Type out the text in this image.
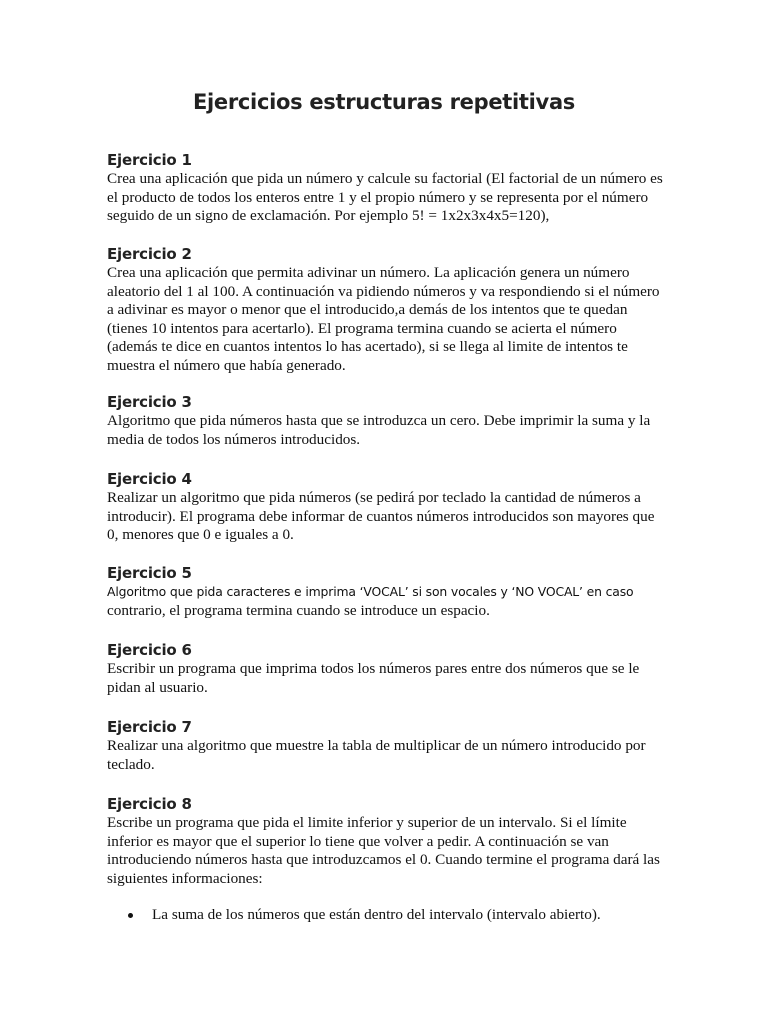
Ejercicios estructuras repetitivas
Ejercicio 1

Crea una aplicación que pida un número y calcule su factorial (El factorial de un número es
el producto de todos los enteros entre 1 y el propio número y se representa por el número
seguido de un signo de exclamación. Por ejemplo 5! = 1x2x3x4x5=120),

Ejercicio 2

Crea una aplicación que permita adivinar un número. La aplicación genera un número
aleatorio del 1 al 100. A continuación va pidiendo números y va respondiendo si el número
a adivinar es mayor o menor que el introducido,a demás de los intentos que te quedan
(tienes 10 intentos para acertarlo). El programa termina cuando se acierta el número
(además te dice en cuantos intentos lo has acertado), si se llega al limite de intentos te
muestra el número que había generado.

Ejercicio 3

Algoritmo que pida números hasta que se introduzca un cero. Debe imprimir la suma y la
media de todos los números introducidos.

Ejercicio 4

Realizar un algoritmo que pida números (se pedirá por teclado la cantidad de números a
introducir). El programa debe informar de cuantos números introducidos son mayores que
0, menores que 0 e iguales a 0.

Ejercicio 5

Algoritmo que pida caracteres e imprima ‘VOCAL’ si son vocales y ‘NO VOCAL’ en caso
contrario, el programa termina cuando se introduce un espacio.

Ejercicio 6

Escribir un programa que imprima todos los números pares entre dos números que se le
pidan al usuario.

Ejercicio 7

Realizar una algoritmo que muestre la tabla de multiplicar de un número introducido por
teclado.

Ejercicio 8

Escribe un programa que pida el limite inferior y superior de un intervalo. Si el límite
inferior es mayor que el superior lo tiene que volver a pedir. A continuación se van
introduciendo números hasta que introduzcamos el 0. Cuando termine el programa dará las
siguientes informaciones:

La suma de los números que están dentro del intervalo (intervalo abierto).
